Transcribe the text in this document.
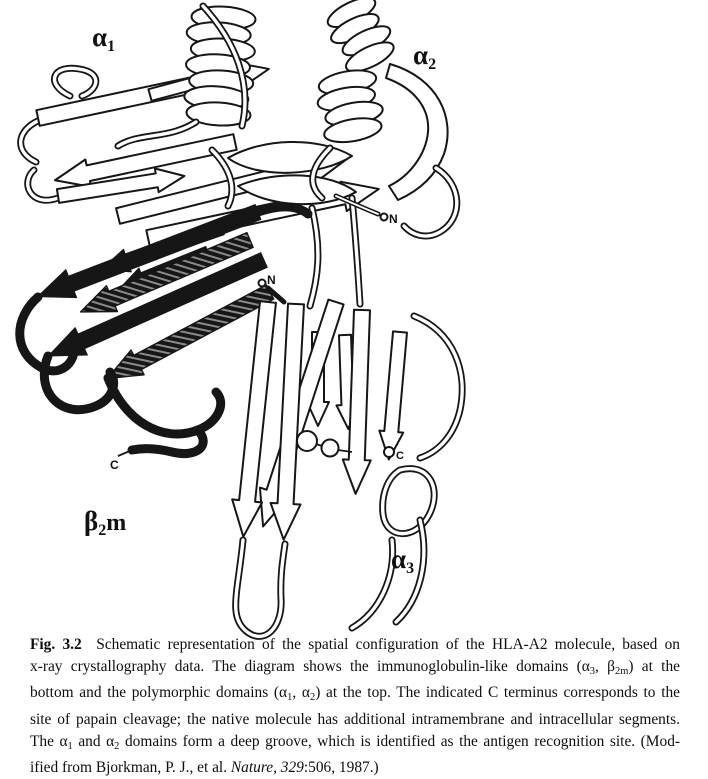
α1	α2
β2m
α3
N
N
C
C
Fig. 3.2  Schematic representation of the spatial configuration of the HLA-A2 molecule, based on
x-ray crystallography data. The diagram shows the immunoglobulin-like domains ($\alpha_3$, $\beta_{2m}$) at the
bottom and the polymorphic domains ($\alpha_1$, $\alpha_2$) at the top. The indicated C terminus corresponds to the
site of papain cleavage; the native molecule has additional intramembrane and intracellular segments.
The $\alpha_1$ and $\alpha_2$ domains form a deep groove, which is identified as the antigen recognition site. (Mod-
ified from Bjorkman, P. J., et al. Nature, 329:506, 1987.)
